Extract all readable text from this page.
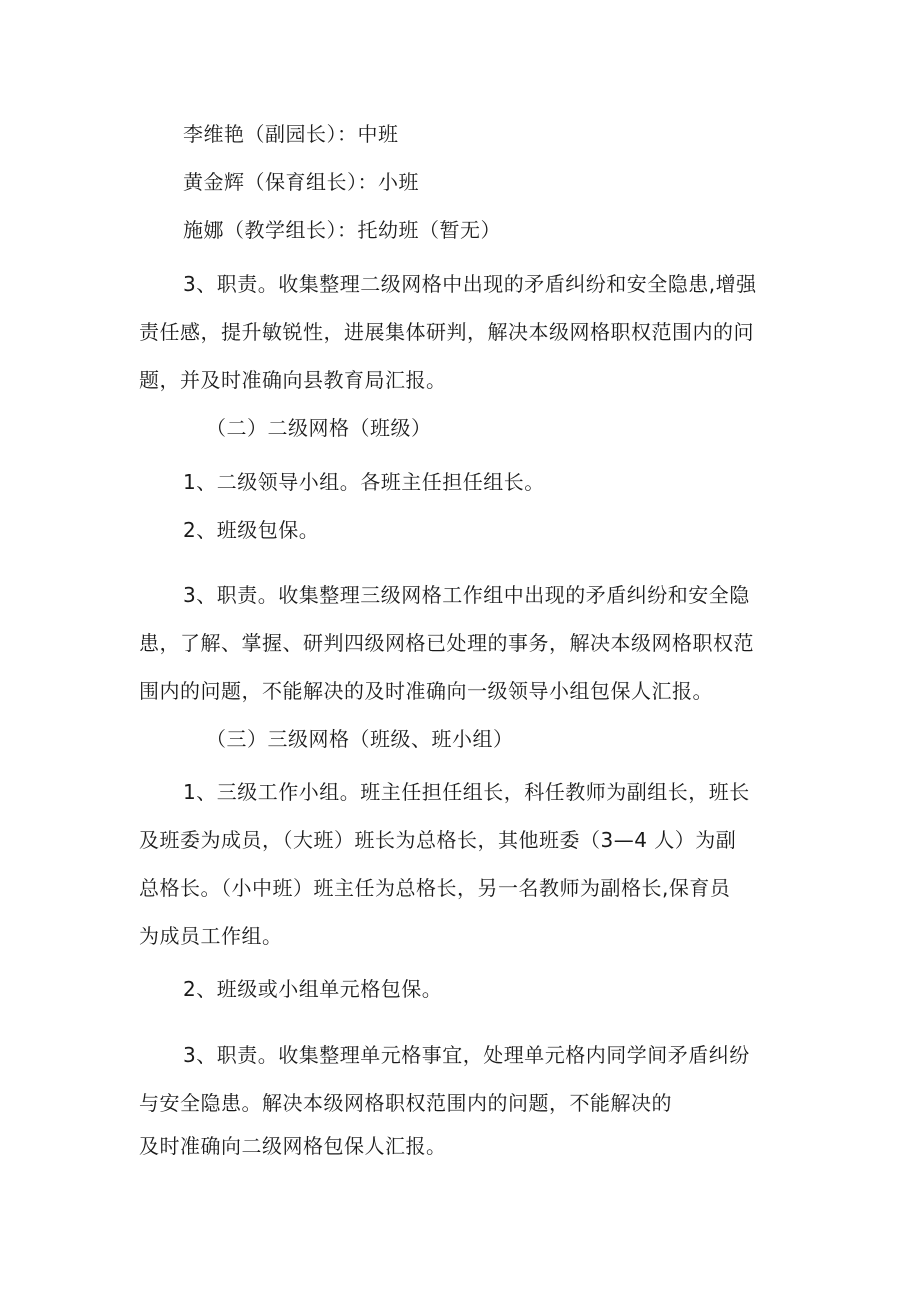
李维艳（副园长）：中班
黄金辉（保育组长）：小班
施娜（教学组长）：托幼班（暂无）
3、职责。收集整理二级网格中出现的矛盾纠纷和安全隐患,增强
责任感，提升敏锐性，进展集体研判，解决本级网格职权范围内的问
题，并及时准确向县教育局汇报。
（二）二级网格（班级）
1、二级领导小组。各班主任担任组长。
2、班级包保。
3、职责。收集整理三级网格工作组中出现的矛盾纠纷和安全隐
患，了解、掌握、研判四级网格已处理的事务，解决本级网格职权范
围内的问题，不能解决的及时准确向一级领导小组包保人汇报。
（三）三级网格（班级、班小组）
1、三级工作小组。班主任担任组长，科任教师为副组长，班长
及班委为成员，（大班）班长为总格长，其他班委（3—4 人）为副
总格长。（小中班）班主任为总格长，另一名教师为副格长,保育员
为成员工作组。
2、班级或小组单元格包保。
3、职责。收集整理单元格事宜，处理单元格内同学间矛盾纠纷
与安全隐患。解决本级网格职权范围内的问题，不能解决的
及时准确向二级网格包保人汇报。
